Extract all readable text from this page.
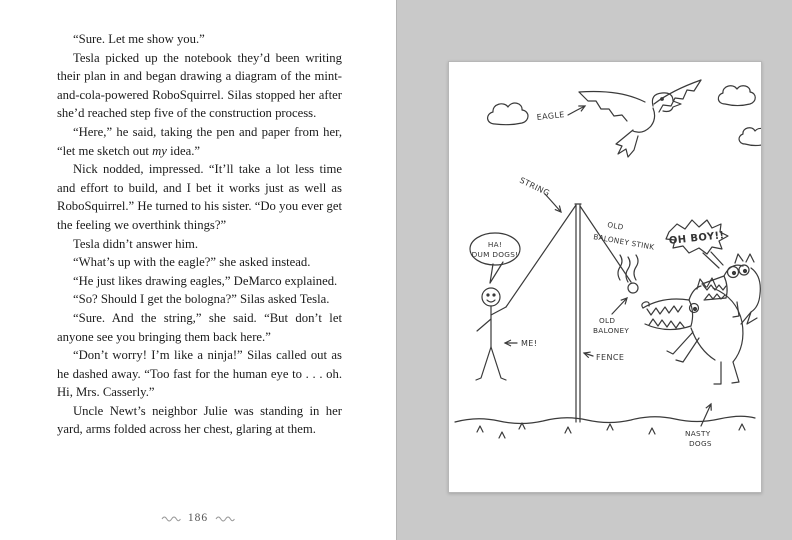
“Sure. Let me show you.”

Tesla picked up the notebook they’d been writing their plan in and began drawing a diagram of the mint-and-cola-powered RoboSquirrel. Silas stopped her after she’d reached step five of the construction process.

“Here,” he said, taking the pen and paper from her, “let me sketch out my idea.”

Nick nodded, impressed. “It’ll take a lot less time and effort to build, and I bet it works just as well as RoboSquirrel.” He turned to his sister. “Do you ever get the feeling we overthink things?”

Tesla didn’t answer him.

“What’s up with the eagle?” she asked instead.

“He just likes drawing eagles,” DeMarco explained.

“So? Should I get the bologna?” Silas asked Tesla.

“Sure. And the string,” she said. “But don’t let anyone see you bringing them back here.”

“Don’t worry! I’m like a ninja!” Silas called out as he dashed away. “Too fast for the human eye to . . . oh. Hi, Mrs. Casserly.”

Uncle Newt’s neighbor Julie was standing in her yard, arms folded across her chest, glaring at them.

186
EAGLE
STRING
OLD
BALONEY STINK OH BOY!!
HA!
DUM DOGS!
ME!
OLD
BALONEY
FENCE
NASTY
DOGS
